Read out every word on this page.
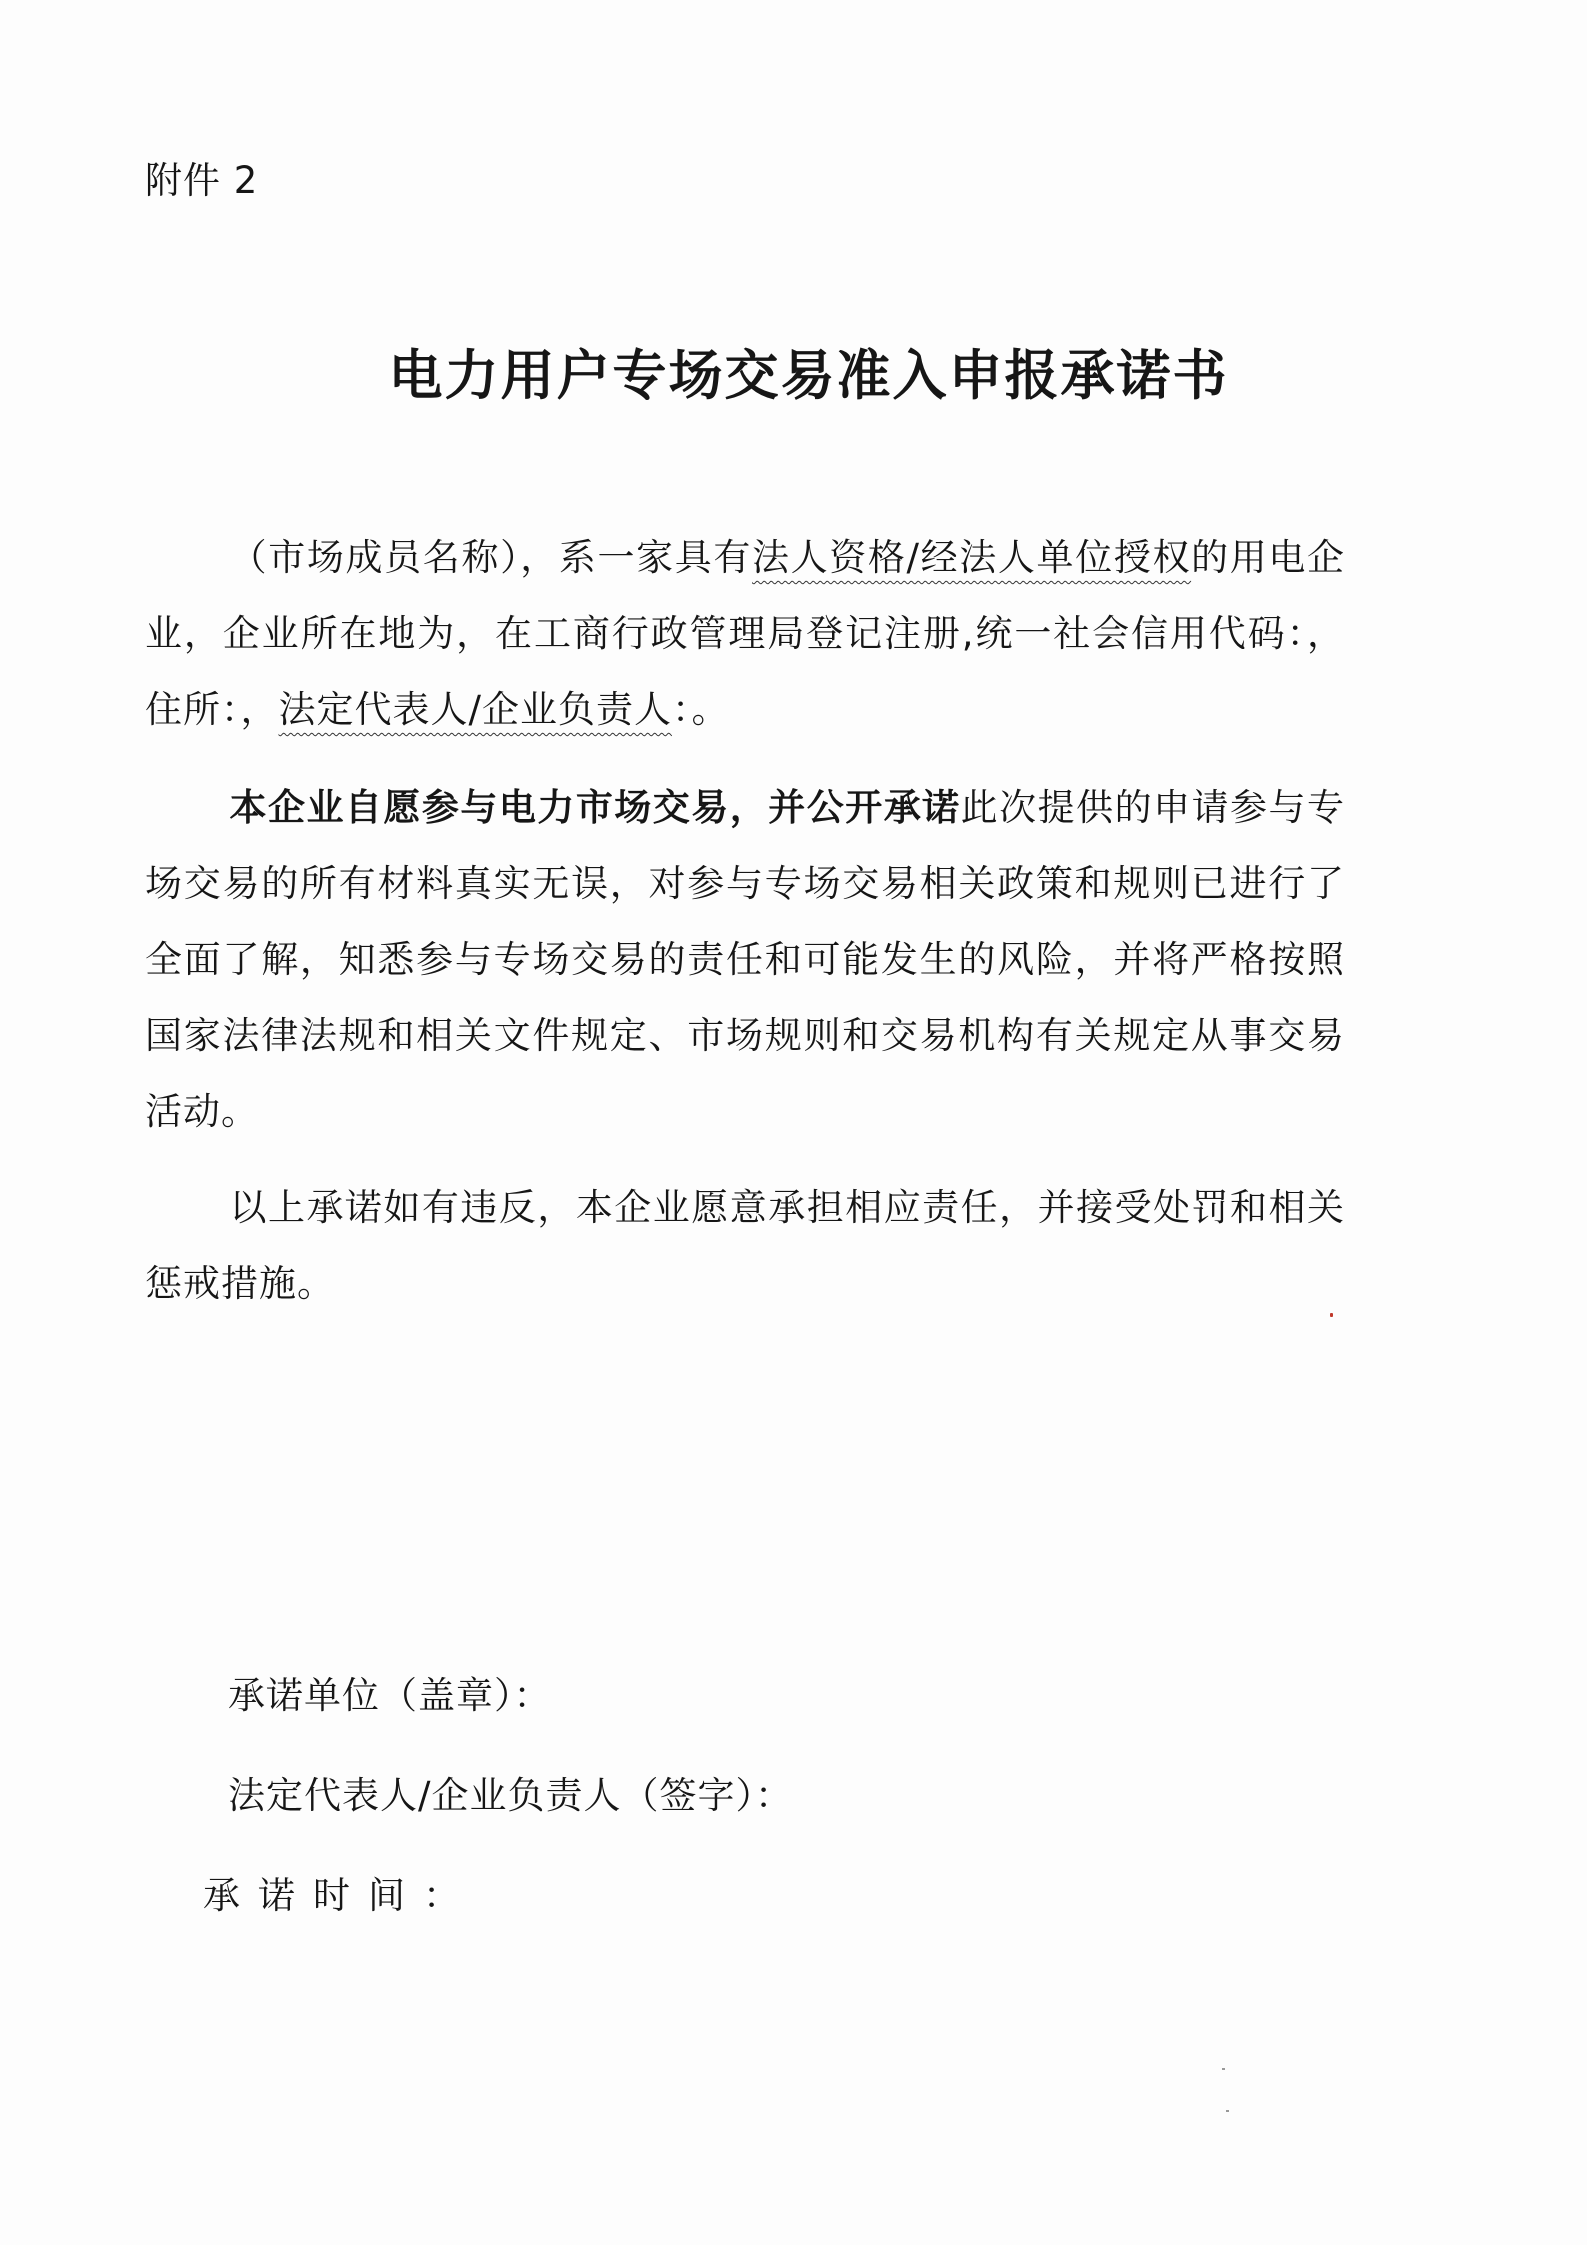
附件 2
电力用户专场交易准入申报承诺书
（市场成员名称），系一家具有法人资格/经法人单位授权的用电企业，企业所在地为，在工商行政管理局登记注册,统一社会信用代码：，住所：，法定代表人/企业负责人：。
本企业自愿参与电力市场交易，并公开承诺此次提供的申请参与专场交易的所有材料真实无误，对参与专场交易相关政策和规则已进行了全面了解，知悉参与专场交易的责任和可能发生的风险，并将严格按照国家法律法规和相关文件规定、市场规则和交易机构有关规定从事交易活动。
以上承诺如有违反，本企业愿意承担相应责任，并接受处罚和相关惩戒措施。
承诺单位（盖章）：
法定代表人/企业负责人（签字）：
承诺时间：
